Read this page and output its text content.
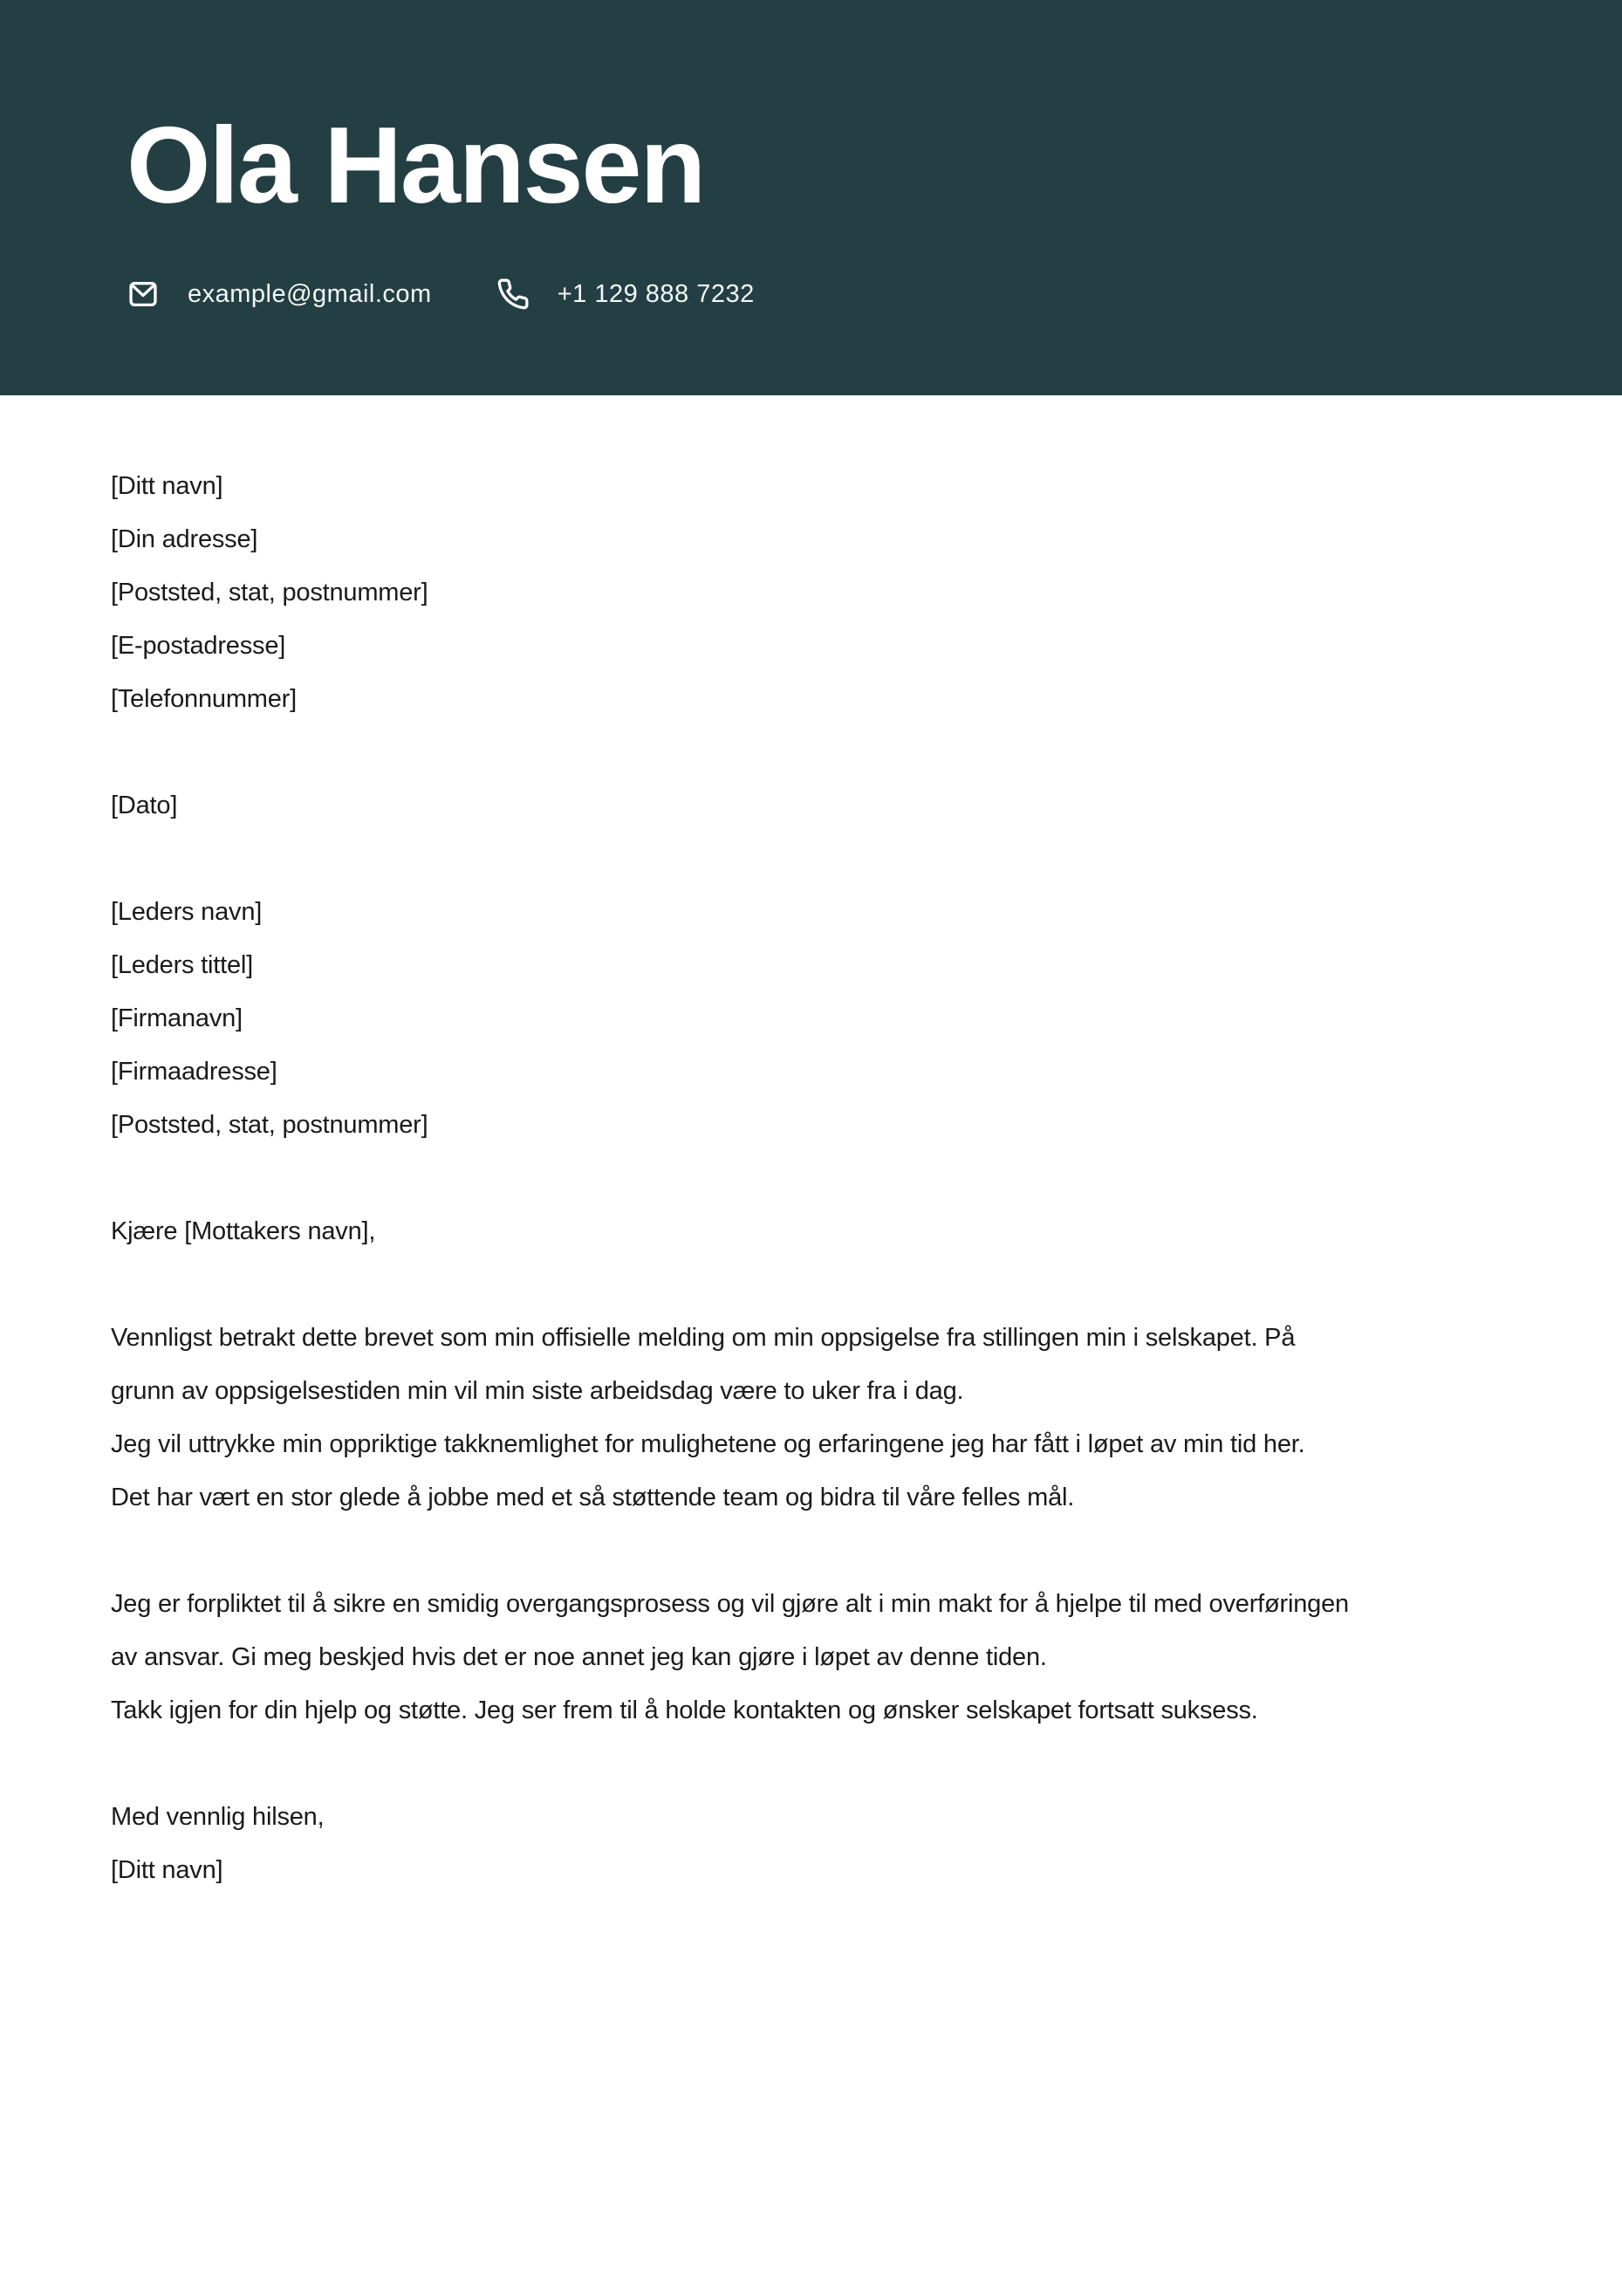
Ola Hansen
example@gmail.com	+1 129 888 7232
[Ditt navn]
[Din adresse]
[Poststed, stat, postnummer]
[E-postadresse]
[Telefonnummer]
[Dato]
[Leders navn]
[Leders tittel]
[Firmanavn]
[Firmaadresse]
[Poststed, stat, postnummer]
Kjære [Mottakers navn],
Vennligst betrakt dette brevet som min offisielle melding om min oppsigelse fra stillingen min i selskapet. På
grunn av oppsigelsestiden min vil min siste arbeidsdag være to uker fra i dag.
Jeg vil uttrykke min oppriktige takknemlighet for mulighetene og erfaringene jeg har fått i løpet av min tid her.
Det har vært en stor glede å jobbe med et så støttende team og bidra til våre felles mål.
Jeg er forpliktet til å sikre en smidig overgangsprosess og vil gjøre alt i min makt for å hjelpe til med overføringen
av ansvar. Gi meg beskjed hvis det er noe annet jeg kan gjøre i løpet av denne tiden.
Takk igjen for din hjelp og støtte. Jeg ser frem til å holde kontakten og ønsker selskapet fortsatt suksess.
Med vennlig hilsen,
[Ditt navn]
